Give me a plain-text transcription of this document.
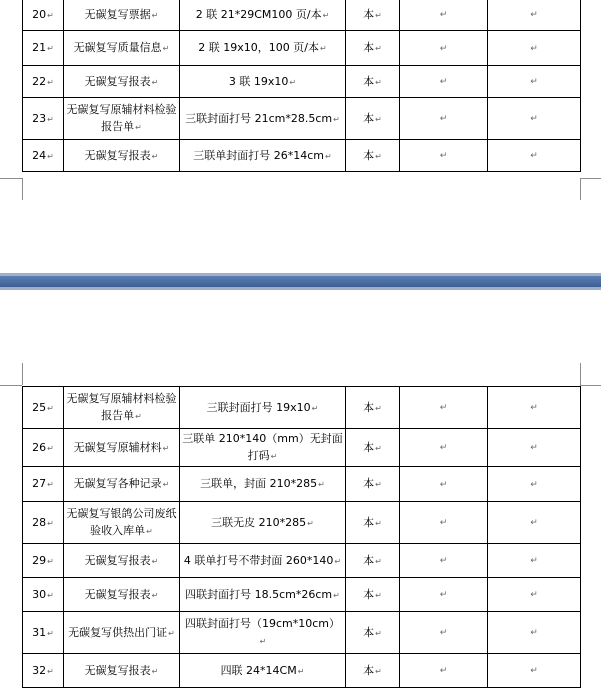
20↵	无碳复写票据↵	2 联 21*29CM100 页/本↵	本↵	↵	↵
21↵	无碳复写质量信息↵	2 联 19x10，100 页/本↵	本↵	↵	↵
22↵	无碳复写报表↵	3 联 19x10↵	本↵	↵	↵
23↵	无碳复写原辅材料检验报告单↵	三联封面打号 21cm*28.5cm↵	本↵	↵	↵
24↵	无碳复写报表↵	三联单封面打号 26*14cm↵	本↵	↵	↵
25↵	无碳复写原辅材料检验报告单↵	三联封面打号 19x10↵	本↵	↵	↵
26↵	无碳复写原辅材料↵	三联单 210*140（mm）无封面打码↵	本↵	↵	↵
27↵	无碳复写各种记录↵	三联单，封面 210*285↵	本↵	↵	↵
28↵	无碳复写银鸽公司废纸验收入库单↵	三联无皮 210*285↵	本↵	↵	↵
29↵	无碳复写报表↵	4 联单打号不带封面 260*140↵	本↵	↵	↵
30↵	无碳复写报表↵	四联封面打号 18.5cm*26cm↵	本↵	↵	↵
31↵	无碳复写供热出门证↵	四联封面打号（19cm*10cm）↵	本↵	↵	↵
32↵	无碳复写报表↵	四联 24*14CM↵	本↵	↵	↵
